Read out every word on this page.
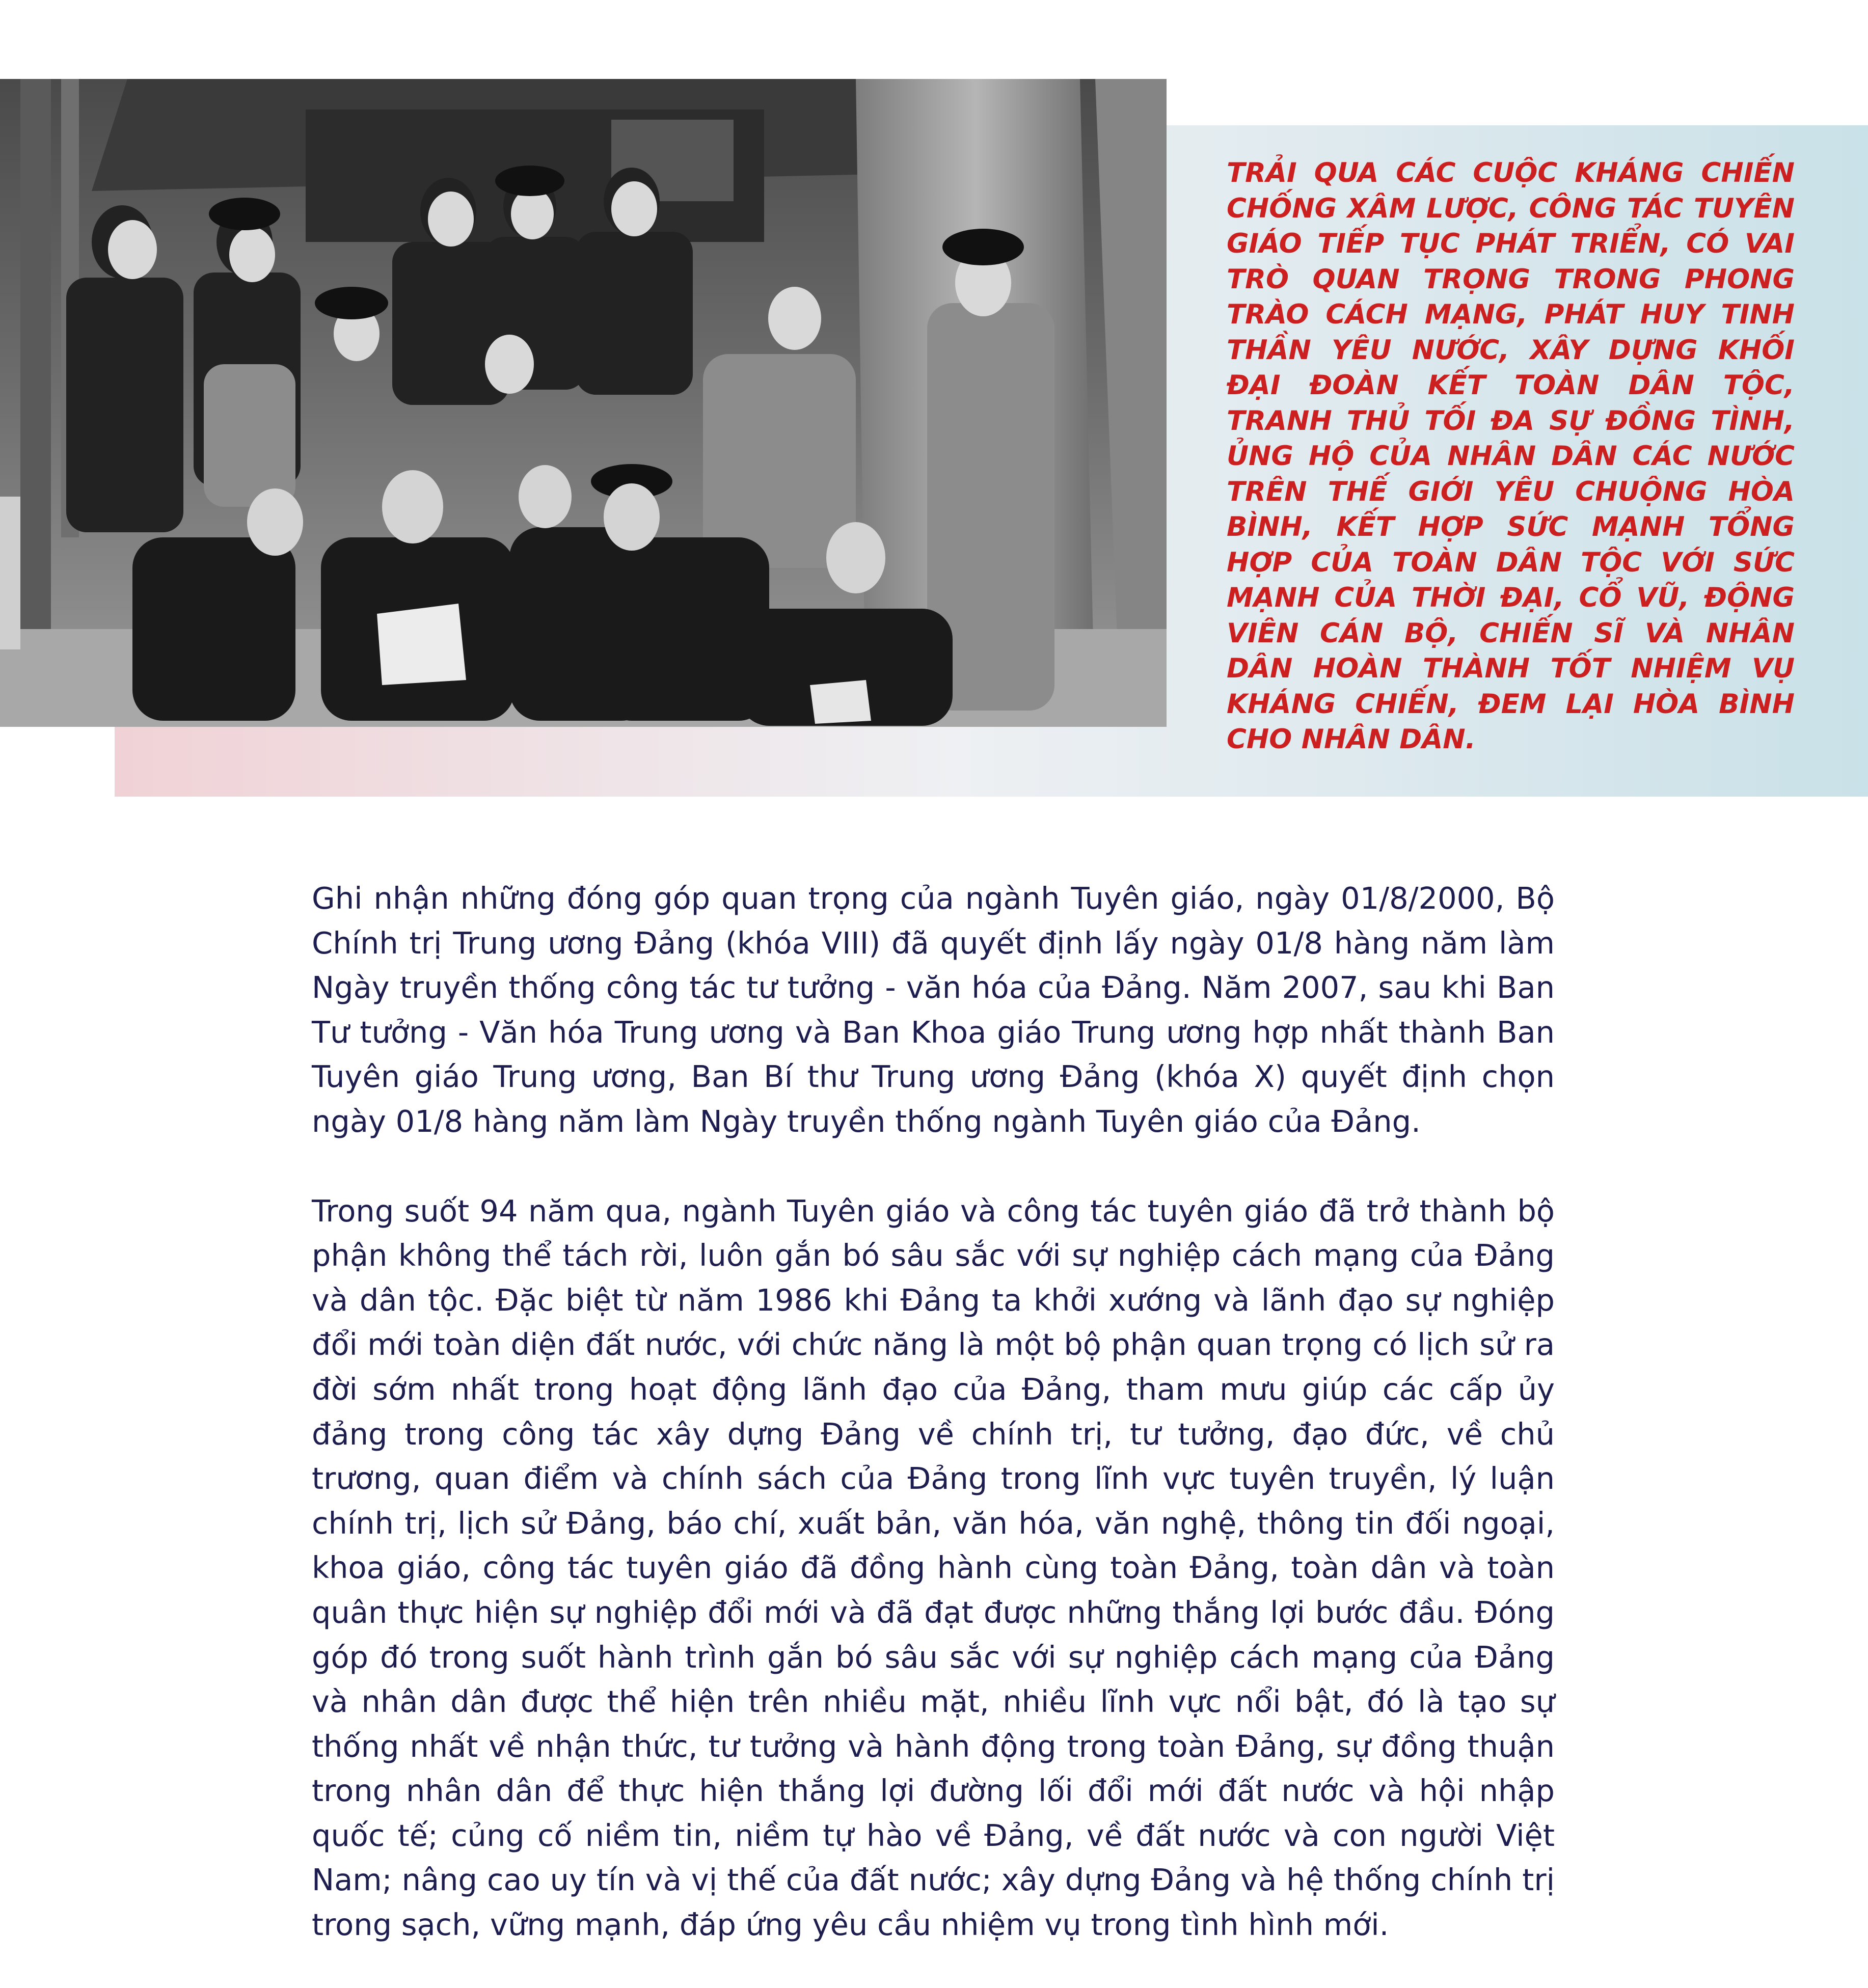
TRẢI QUA CÁC CUỘC KHÁNG CHIẾN CHỐNG XÂM LƯỢC, CÔNG TÁC TUYÊN GIÁO TIẾP TỤC PHÁT TRIỂN, CÓ VAI TRÒ QUAN TRỌNG TRONG PHONG TRÀO CÁCH MẠNG, PHÁT HUY TINH THẦN YÊU NƯỚC, XÂY DỰNG KHỐI ĐẠI ĐOÀN KẾT TOÀN DÂN TỘC, TRANH THỦ TỐI ĐA SỰ ĐỒNG TÌNH, ỦNG HỘ CỦA NHÂN DÂN CÁC NƯỚC TRÊN THẾ GIỚI YÊU CHUỘNG HÒA BÌNH, KẾT HỢP SỨC MẠNH TỔNG HỢP CỦA TOÀN DÂN TỘC VỚI SỨC MẠNH CỦA THỜI ĐẠI, CỔ VŨ, ĐỘNG VIÊN CÁN BỘ, CHIẾN SĨ VÀ NHÂN DÂN HOÀN THÀNH TỐT NHIỆM VỤ KHÁNG CHIẾN, ĐEM LẠI HÒA BÌNH CHO NHÂN DÂN.

Ghi nhận những đóng góp quan trọng của ngành Tuyên giáo, ngày 01/8/2000, Bộ Chính trị Trung ương Đảng (khóa VIII) đã quyết định lấy ngày 01/8 hàng năm làm Ngày truyền thống công tác tư tưởng - văn hóa của Đảng. Năm 2007, sau khi Ban Tư tưởng - Văn hóa Trung ương và Ban Khoa giáo Trung ương hợp nhất thành Ban Tuyên giáo Trung ương, Ban Bí thư Trung ương Đảng (khóa X) quyết định chọn ngày 01/8 hàng năm làm Ngày truyền thống ngành Tuyên giáo của Đảng.

Trong suốt 94 năm qua, ngành Tuyên giáo và công tác tuyên giáo đã trở thành bộ phận không thể tách rời, luôn gắn bó sâu sắc với sự nghiệp cách mạng của Đảng và dân tộc. Đặc biệt từ năm 1986 khi Đảng ta khởi xướng và lãnh đạo sự nghiệp đổi mới toàn diện đất nước, với chức năng là một bộ phận quan trọng có lịch sử ra đời sớm nhất trong hoạt động lãnh đạo của Đảng, tham mưu giúp các cấp ủy đảng trong công tác xây dựng Đảng về chính trị, tư tưởng, đạo đức, về chủ trương, quan điểm và chính sách của Đảng trong lĩnh vực tuyên truyền, lý luận chính trị, lịch sử Đảng, báo chí, xuất bản, văn hóa, văn nghệ, thông tin đối ngoại, khoa giáo, công tác tuyên giáo đã đồng hành cùng toàn Đảng, toàn dân và toàn quân thực hiện sự nghiệp đổi mới và đã đạt được những thắng lợi bước đầu. Đóng góp đó trong suốt hành trình gắn bó sâu sắc với sự nghiệp cách mạng của Đảng và nhân dân được thể hiện trên nhiều mặt, nhiều lĩnh vực nổi bật, đó là tạo sự thống nhất về nhận thức, tư tưởng và hành động trong toàn Đảng, sự đồng thuận trong nhân dân để thực hiện thắng lợi đường lối đổi mới đất nước và hội nhập quốc tế; củng cố niềm tin, niềm tự hào về Đảng, về đất nước và con người Việt Nam; nâng cao uy tín và vị thế của đất nước; xây dựng Đảng và hệ thống chính trị trong sạch, vững mạnh, đáp ứng yêu cầu nhiệm vụ trong tình hình mới.
